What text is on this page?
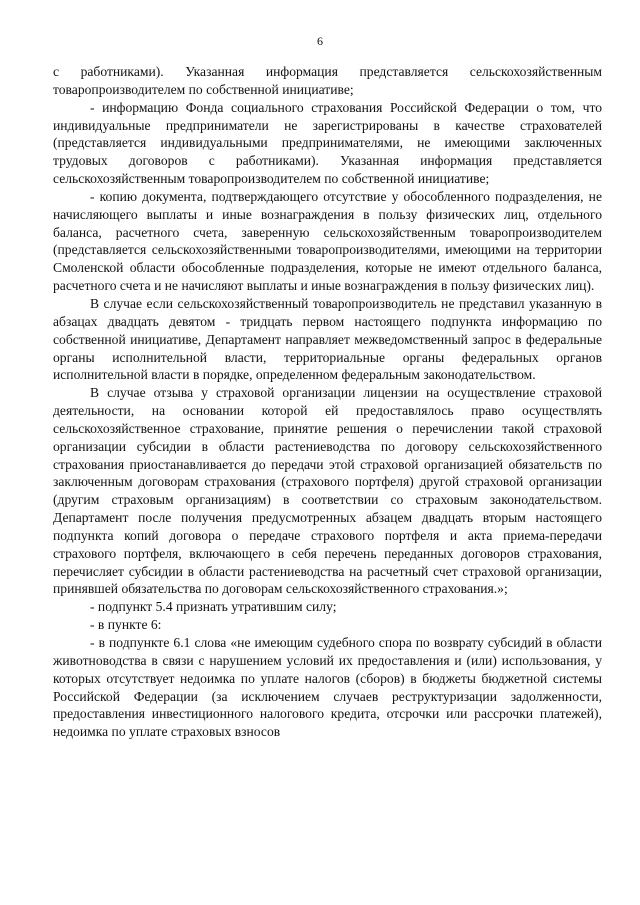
6

с работниками). Указанная информация представляется сельскохозяйственным товаропроизводителем по собственной инициативе;

- информацию Фонда социального страхования Российской Федерации о том, что индивидуальные предприниматели не зарегистрированы в качестве страхователей (представляется индивидуальными предпринимателями, не имеющими заключенных трудовых договоров с работниками). Указанная информация представляется сельскохозяйственным товаропроизводителем по собственной инициативе;

- копию документа, подтверждающего отсутствие у обособленного подразделения, не начисляющего выплаты и иные вознаграждения в пользу физических лиц, отдельного баланса, расчетного счета, заверенную сельскохозяйственным товаропроизводителем (представляется сельскохозяйственными товаропроизводителями, имеющими на территории Смоленской области обособленные подразделения, которые не имеют отдельного баланса, расчетного счета и не начисляют выплаты и иные вознаграждения в пользу физических лиц).

В случае если сельскохозяйственный товаропроизводитель не представил указанную в абзацах двадцать девятом - тридцать первом настоящего подпункта информацию по собственной инициативе, Департамент направляет межведомственный запрос в федеральные органы исполнительной власти, территориальные органы федеральных органов исполнительной власти в порядке, определенном федеральным законодательством.

В случае отзыва у страховой организации лицензии на осуществление страховой деятельности, на основании которой ей предоставлялось право осуществлять сельскохозяйственное страхование, принятие решения о перечислении такой страховой организации субсидии в области растениеводства по договору сельскохозяйственного страхования приостанавливается до передачи этой страховой организацией обязательств по заключенным договорам страхования (страхового портфеля) другой страховой организации (другим страховым организациям) в соответствии со страховым законодательством. Департамент после получения предусмотренных абзацем двадцать вторым настоящего подпункта копий договора о передаче страхового портфеля и акта приема-передачи страхового портфеля, включающего в себя перечень переданных договоров страхования, перечисляет субсидии в области растениеводства на расчетный счет страховой организации, принявшей обязательства по договорам сельскохозяйственного страхования.»;

- подпункт 5.4 признать утратившим силу;

- в пункте 6:

- в подпункте 6.1 слова «не имеющим судебного спора по возврату субсидий в области животноводства в связи с нарушением условий их предоставления и (или) использования, у которых отсутствует недоимка по уплате налогов (сборов) в бюджеты бюджетной системы Российской Федерации (за исключением случаев реструктуризации задолженности, предоставления инвестиционного налогового кредита, отсрочки или рассрочки платежей), недоимка по уплате страховых взносов
